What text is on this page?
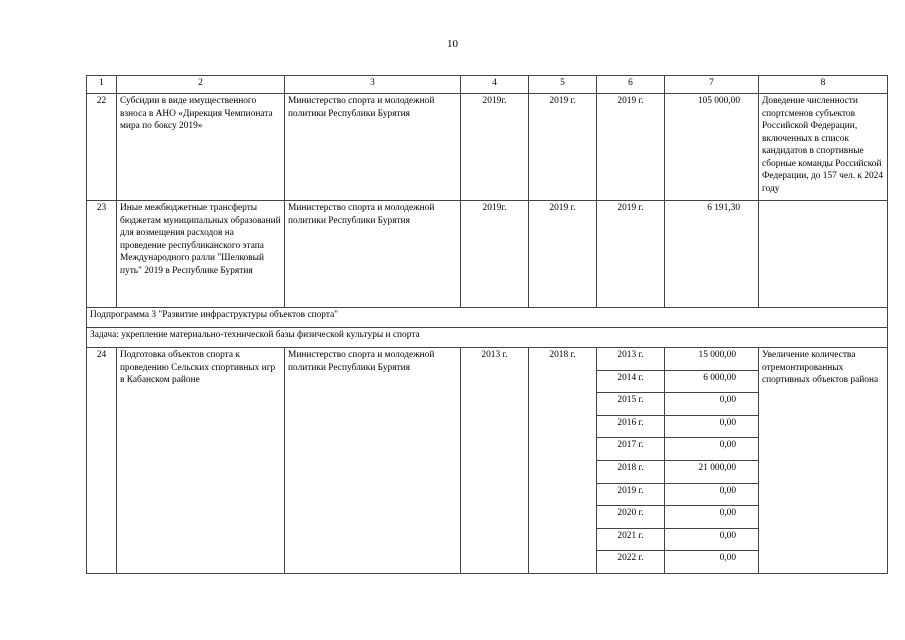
10
1	2	3	4	5	6	7	8
22	Субсидии в виде имущественного взноса в АНО «Дирекция Чемпионата мира по боксу 2019»	Министерство спорта и молодежной политики Республики Бурятия	2019г.	2019 г.	2019 г.	105 000,00	Доведение численности спортсменов субъектов Российской Федерации, включенных в список кандидатов в спортивные сборные команды Российской Федерации, до 157 чел. к 2024 году
23	Иные межбюджетные трансферты бюджетам муниципальных образований для возмещения расходов на проведение республиканского этапа Международного ралли "Шелковый путь" 2019 в Республике Бурятия	Министерство спорта и молодежной политики Республики Бурятия	2019г.	2019 г.	2019 г.	6 191,30	
Подпрограмма 3 "Развитие инфраструктуры объектов спорта"							
Задача: укрепление материально-технической базы физической культуры и спорта							
24	Подготовка объектов спорта к проведению Сельских спортивных игр в Кабанском районе	Министерство спорта и молодежной политики Республики Бурятия	2013 г.	2018 г.	2013 г.	15 000,00	Увеличение количества отремонтированных спортивных объектов района
					2014 г.	6 000,00	
					2015 г.	0,00	
					2016 г.	0,00	
					2017 г.	0,00	
					2018 г.	21 000,00	
					2019 г.	0,00	
					2020 г.	0,00	
					2021 г.	0,00	
					2022 г.	0,00	
